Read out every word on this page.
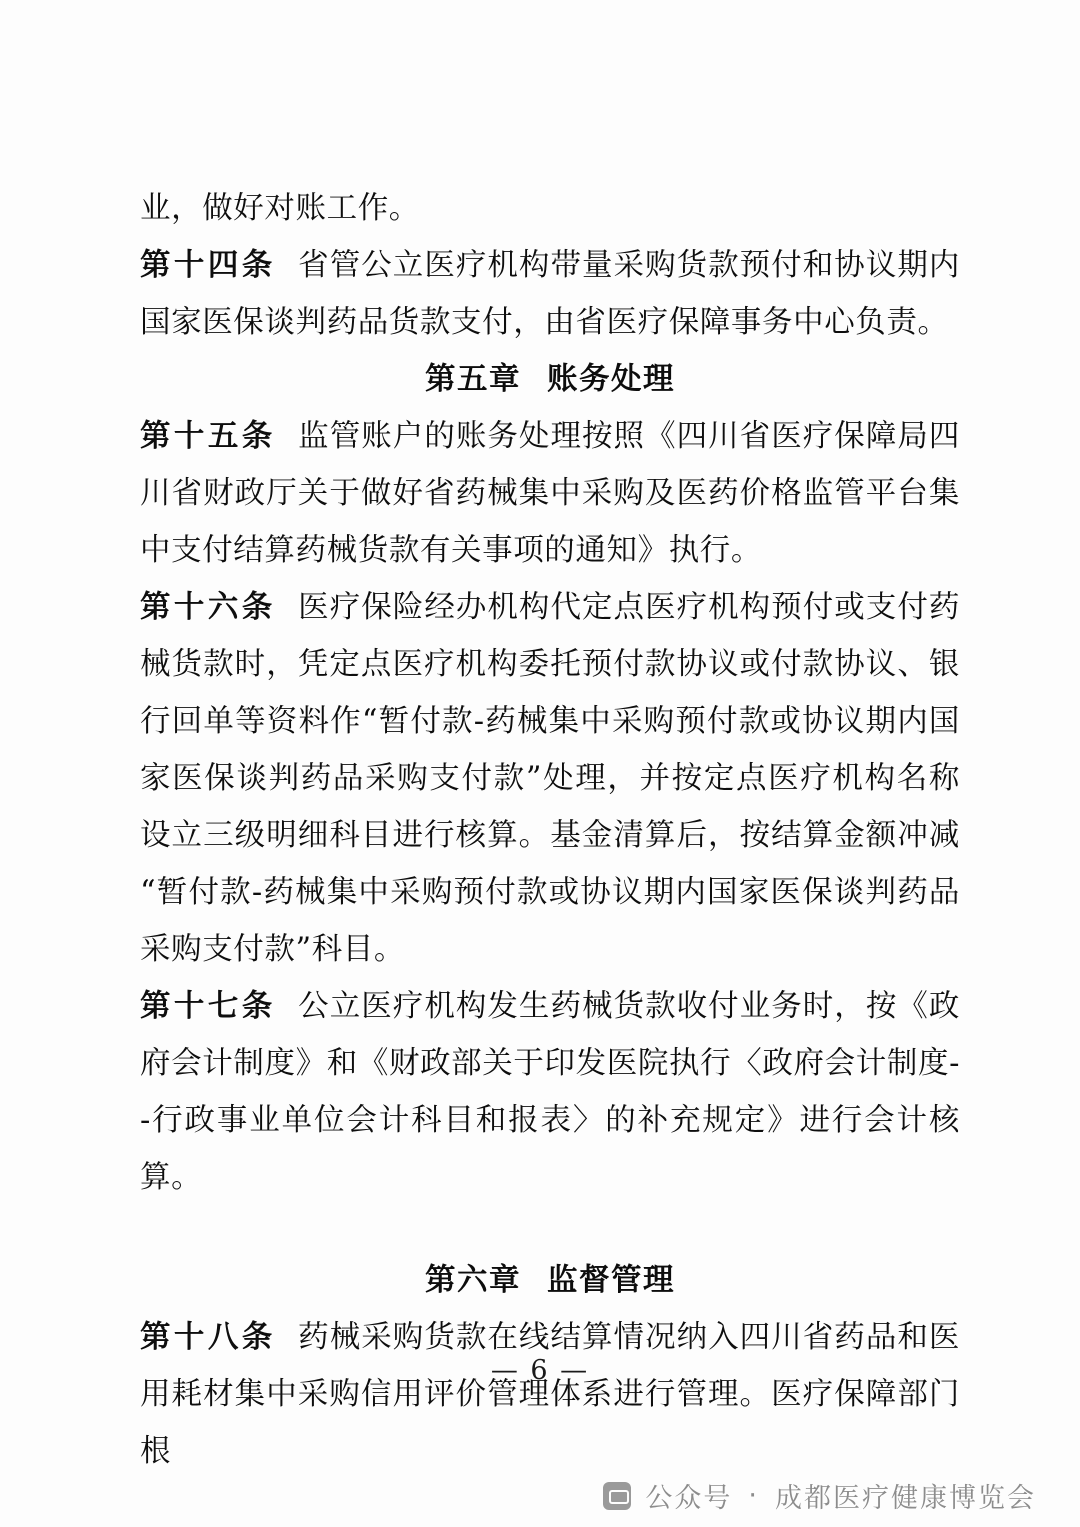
业，做好对账工作。

第十四条 省管公立医疗机构带量采购货款预付和协议期内国家医保谈判药品货款支付，由省医疗保障事务中心负责。

第五章 账务处理

第十五条 监管账户的账务处理按照《四川省医疗保障局四川省财政厅关于做好省药械集中采购及医药价格监管平台集中支付结算药械货款有关事项的通知》执行。

第十六条 医疗保险经办机构代定点医疗机构预付或支付药械货款时，凭定点医疗机构委托预付款协议或付款协议、银行回单等资料作“暂付款-药械集中采购预付款或协议期内国家医保谈判药品采购支付款”处理，并按定点医疗机构名称设立三级明细科目进行核算。基金清算后，按结算金额冲减“暂付款-药械集中采购预付款或协议期内国家医保谈判药品采购支付款”科目。

第十七条 公立医疗机构发生药械货款收付业务时，按《政府会计制度》和《财政部关于印发医院执行〈政府会计制度--行政事业单位会计科目和报表〉的补充规定》进行会计核算。

第六章 监督管理

第十八条 药械采购货款在线结算情况纳入四川省药品和医用耗材集中采购信用评价管理体系进行管理。医疗保障部门根

— 6 —
公众号 · 成都医疗健康博览会
